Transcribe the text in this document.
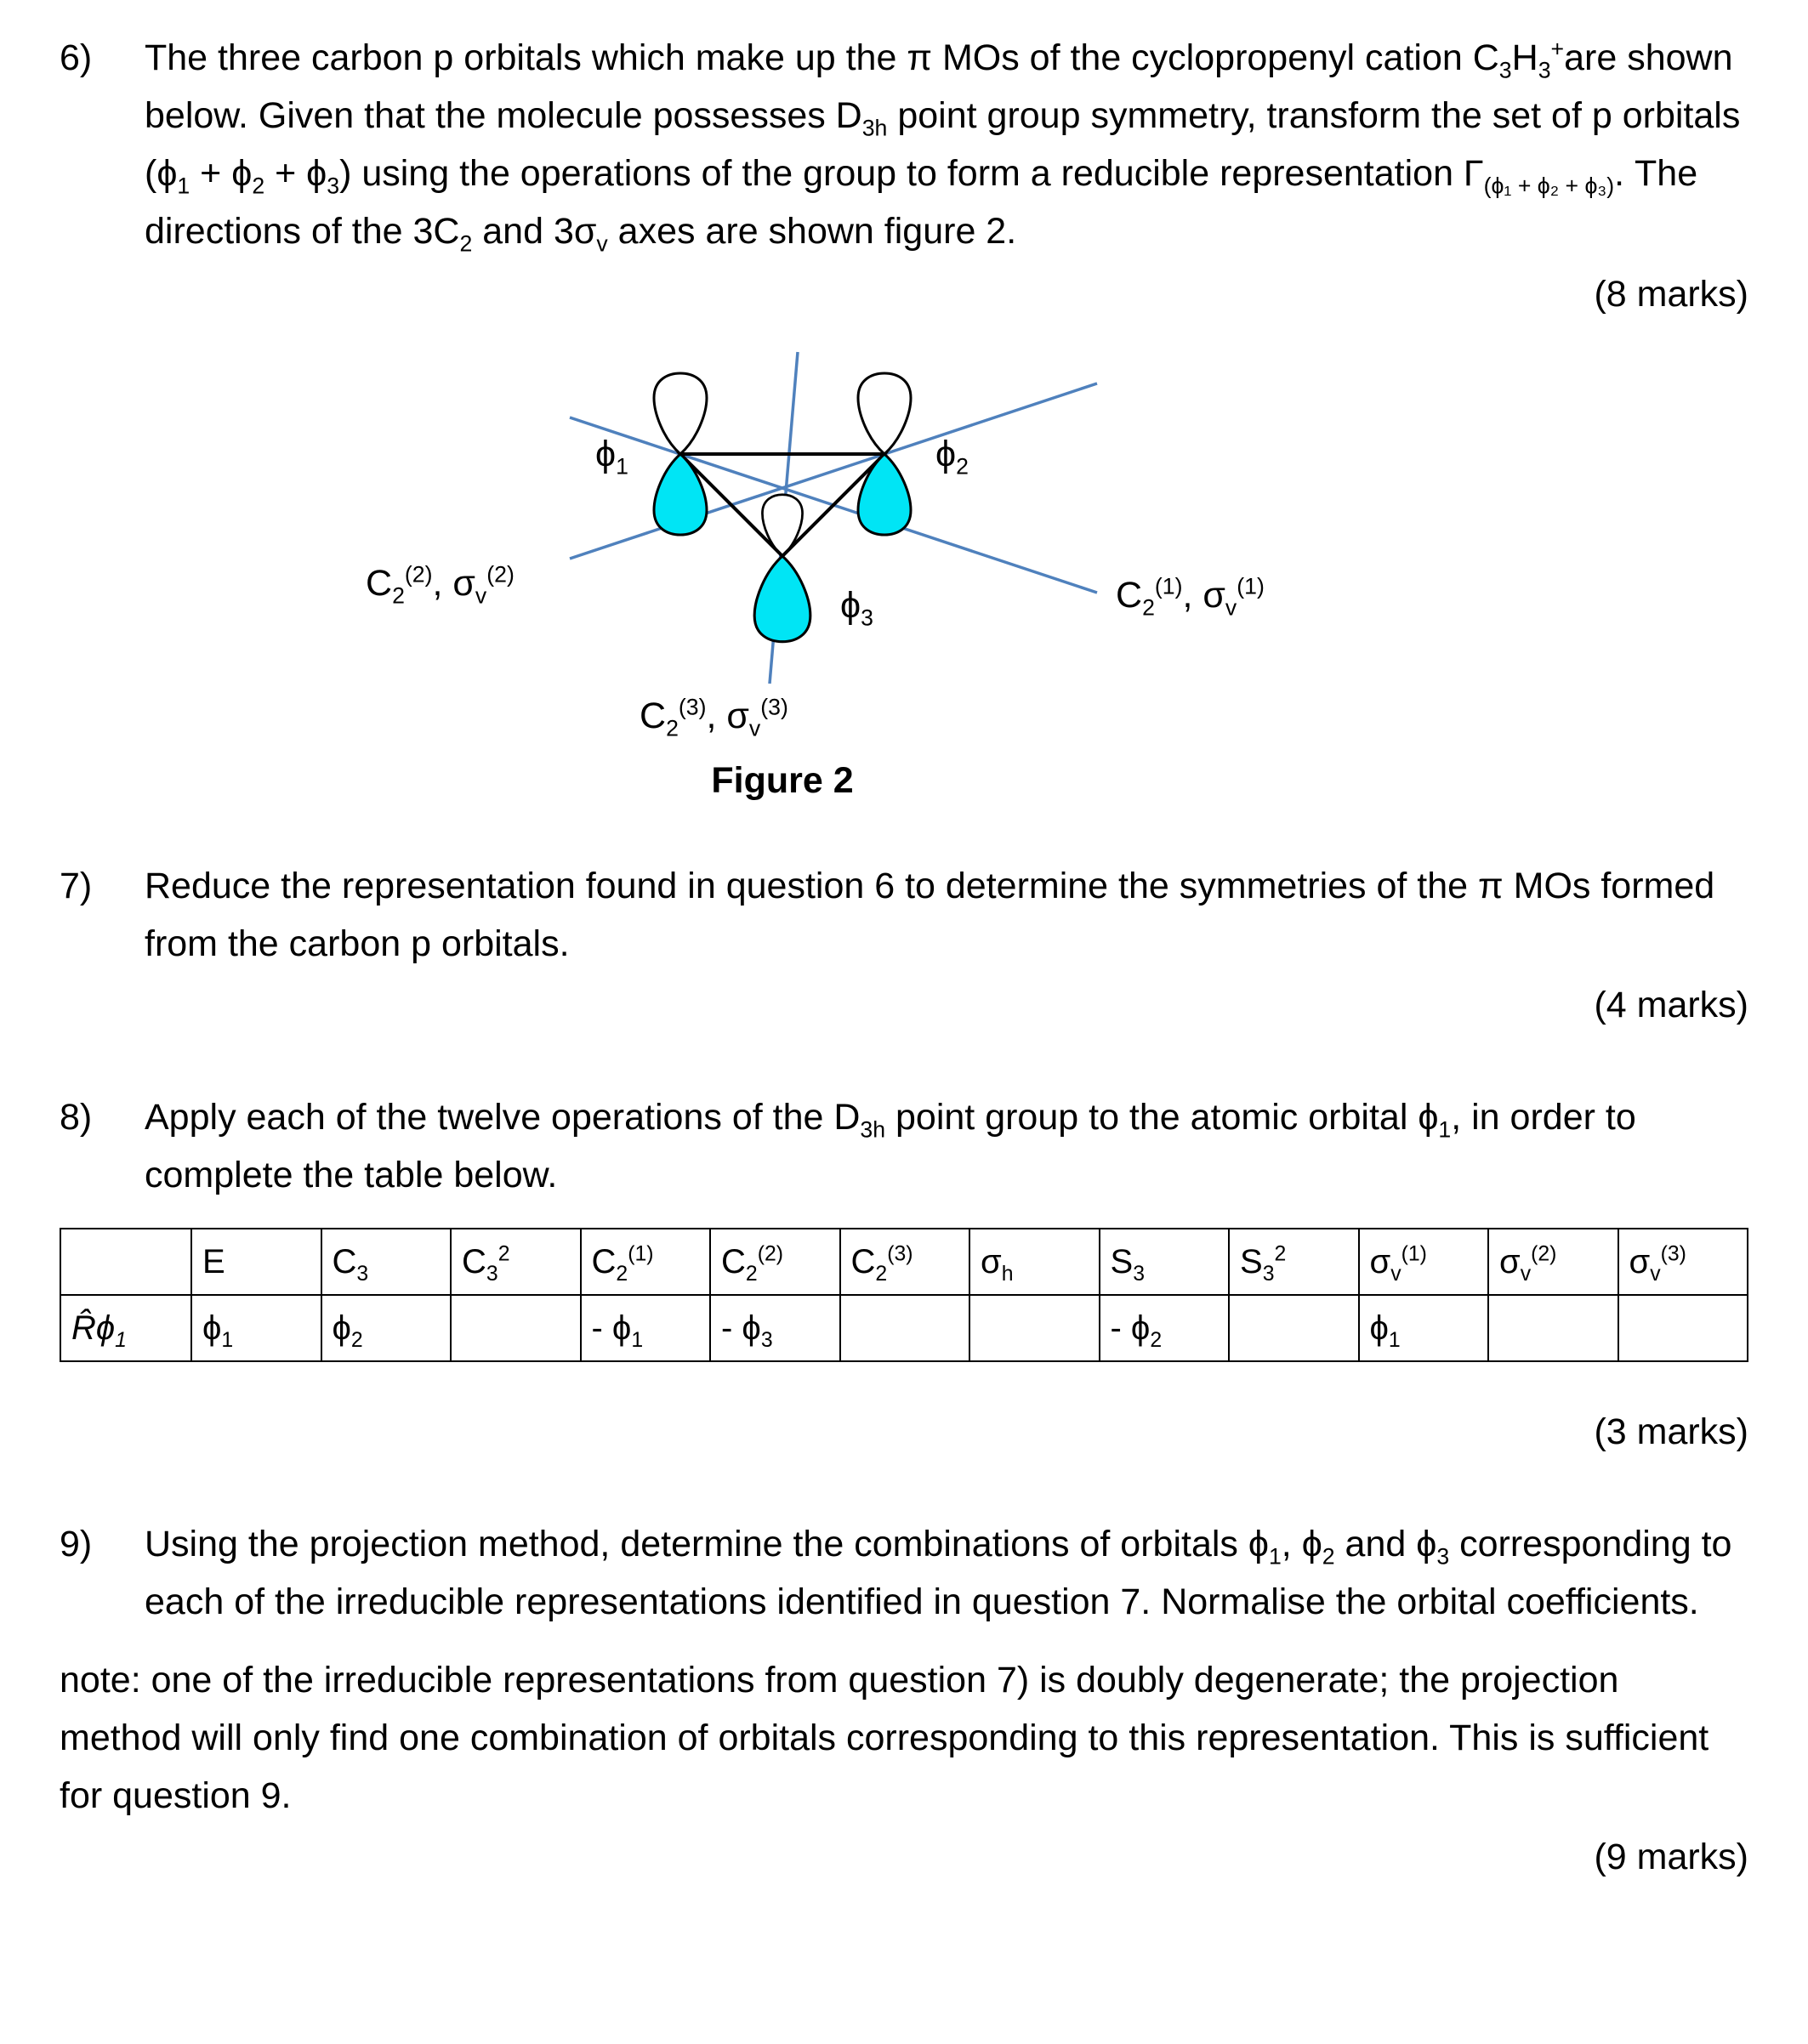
6)	The three carbon p orbitals which make up the π MOs of the cyclopropenyl cation $C_3H_3^+are$ shown below. Given that the molecule possesses $D_{3h}$ point group symmetry, transform the set of p orbitals $(\phi_1 + \phi_2 + \phi_3)$ using the operations of the group to form a reducible representation $\Gamma_{(\phi_1 + \phi_2 + \phi_3)}$. The directions of the $3C_2$ and $3\sigma_v$ axes are shown figure 2.
(8 marks)
$\phi_1$	$\phi_2$
$\phi_3$
$C_2^{(2)}$, $\sigma_v^{(2)}$
$C_2^{(1)}$, $\sigma_v^{(1)}$
$C_2^{(3)}$, $\sigma_v^{(3)}$
Figure 2
7)	Reduce the representation found in question 6 to determine the symmetries of the π MOs formed from the carbon p orbitals.
(4 marks)
8)	Apply each of the twelve operations of the $D_{3h}$ point group to the atomic orbital $\phi_1$, in order to complete the table below.
	E	$C_3$	$C_3^2$	$C_2^{(1)}$	$C_2^{(2)}$	$C_2^{(3)}$	$\sigma_h$	$S_3$	$S_3^2$	$\sigma_v^{(1)}$	$\sigma_v^{(2)}$	$\sigma_v^{(3)}$
$R̂\phi_1$	$\phi_1$	$\phi_2$		- $\phi_1$	- $\phi_3$			- $\phi_2$		$\phi_1$		
(3 marks)
9)	Using the projection method, determine the combinations of orbitals $\phi_1$, $\phi_2$ and $\phi_3$ corresponding to each of the irreducible representations identified in question 7. Normalise the orbital coefficients.
note: one of the irreducible representations from question 7) is doubly degenerate; the projection method will only find one combination of orbitals corresponding to this representation. This is sufficient for question 9.
(9 marks)
